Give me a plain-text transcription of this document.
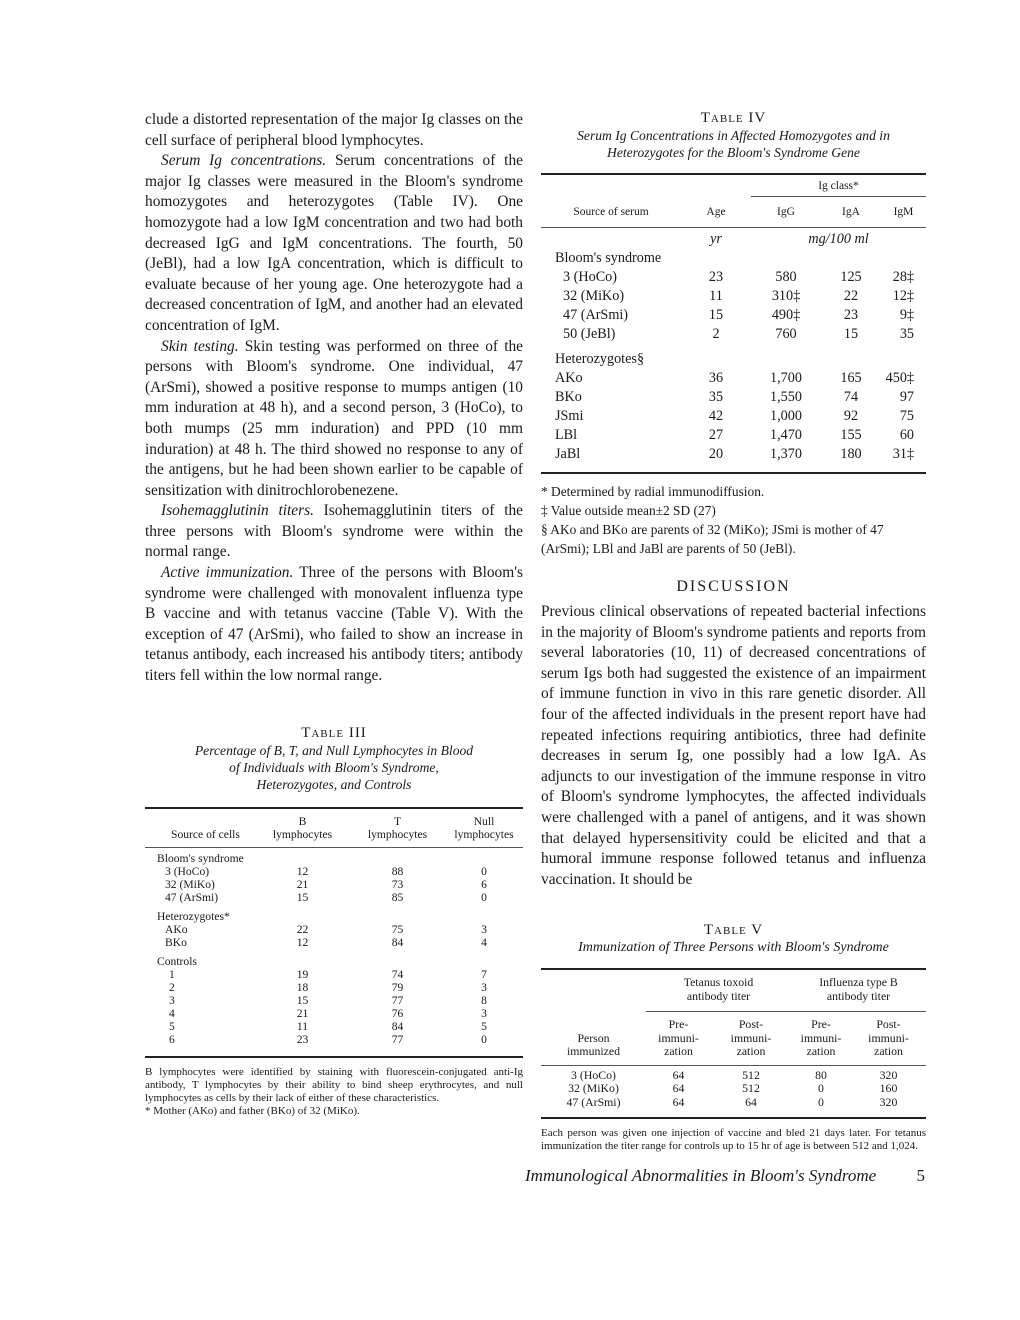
clude a distorted representation of the major Ig classes on the cell surface of peripheral blood lymphocytes.

Serum Ig concentrations. Serum concentrations of the major Ig classes were measured in the Bloom's syndrome homozygotes and heterozygotes (Table IV). One homozygote had a low IgM concentration and two had both decreased IgG and IgM concentrations. The fourth, 50 (JeBl), had a low IgA concentration, which is difficult to evaluate because of her young age. One heterozygote had a decreased concentration of IgM, and another had an elevated concentration of IgM.

Skin testing. Skin testing was performed on three of the persons with Bloom's syndrome. One individual, 47 (ArSmi), showed a positive response to mumps antigen (10 mm induration at 48 h), and a second person, 3 (HoCo), to both mumps (25 mm induration) and PPD (10 mm induration) at 48 h. The third showed no response to any of the antigens, but he had been shown earlier to be capable of sensitization with dinitrochlorobenezene.

Isohemagglutinin titers. Isohemagglutinin titers of the three persons with Bloom's syndrome were within the normal range.

Active immunization. Three of the persons with Bloom's syndrome were challenged with monovalent influenza type B vaccine and with tetanus vaccine (Table V). With the exception of 47 (ArSmi), who failed to show an increase in tetanus antibody, each increased his antibody titers; antibody titers fell within the low normal range.

Table III

Percentage of B, T, and Null Lymphocytes in Blood

of Individuals with Bloom's Syndrome,

Heterozygotes, and Controls

	B	T	Null
Source of cells	lymphocytes	lymphocytes	lymphocytes

Bloom's syndrome			
3 (HoCo)	12	88	0
32 (MiKo)	21	73	6
47 (ArSmi)	15	85	0

Heterozygotes*			
AKo	22	75	3
BKo	12	84	4

Controls			
1	19	74	7
2	18	79	3
3	15	77	8
4	21	76	3
5	11	84	5
6	23	77	0

B lymphocytes were identified by staining with fluorescein-conjugated anti-Ig antibody, T lymphocytes by their ability to bind sheep erythrocytes, and null lymphocytes as cells by their lack of either of these characteristics.

* Mother (AKo) and father (BKo) of 32 (MiKo).

Table IV

Serum Ig Concentrations in Affected Homozygotes and in

Heterozygotes for the Bloom's Syndrome Gene

		Ig class*		

Source of serum	Age	IgG	IgA	IgM

	yr	mg/100 ml		
Bloom's syndrome				
3 (HoCo)	23	580	125	28‡
32 (MiKo)	11	310‡	22	12‡
47 (ArSmi)	15	490‡	23	9‡
50 (JeBl)	2	760	15	35

Heterozygotes§				
AKo	36	1,700	165	450‡
BKo	35	1,550	74	97
JSmi	42	1,000	92	75
LBl	27	1,470	155	60
JaBl	20	1,370	180	31‡

* Determined by radial immunodiffusion.

‡ Value outside mean±2 SD (27)

§ AKo and BKo are parents of 32 (MiKo); JSmi is mother of 47 (ArSmi); LBl and JaBl are parents of 50 (JeBl).

DISCUSSION

Previous clinical observations of repeated bacterial infections in the majority of Bloom's syndrome patients and reports from several laboratories (10, 11) of decreased concentrations of serum Igs both had suggested the existence of an impairment of immune function in vivo in this rare genetic disorder. All four of the affected individuals in the present report have had repeated infections requiring antibiotics, three had definite decreases in serum Ig, one possibly had a low IgA. As adjuncts to our investigation of the immune response in vitro of Bloom's syndrome lymphocytes, the affected individuals were challenged with a panel of antigens, and it was shown that delayed hypersensitivity could be elicited and that a humoral immune response followed tetanus and influenza vaccination. It should be

Table V

Immunization of Three Persons with Bloom's Syndrome

	Tetanus toxoid		Influenza type B	
	antibody titer		antibody titer	

	Pre-	Post-	Pre-	Post-
Person	immuni-	immuni-	immuni-	immuni-
immunized	zation	zation	zation	zation

3 (HoCo)	64	512	80	320
32 (MiKo)	64	512	0	160
47 (ArSmi)	64	64	0	320

Each person was given one injection of vaccine and bled 21 days later. For tetanus immunization the titer range for controls up to 15 hr of age is between 512 and 1,024.

Immunological Abnormalities in Bloom's Syndrome 5
